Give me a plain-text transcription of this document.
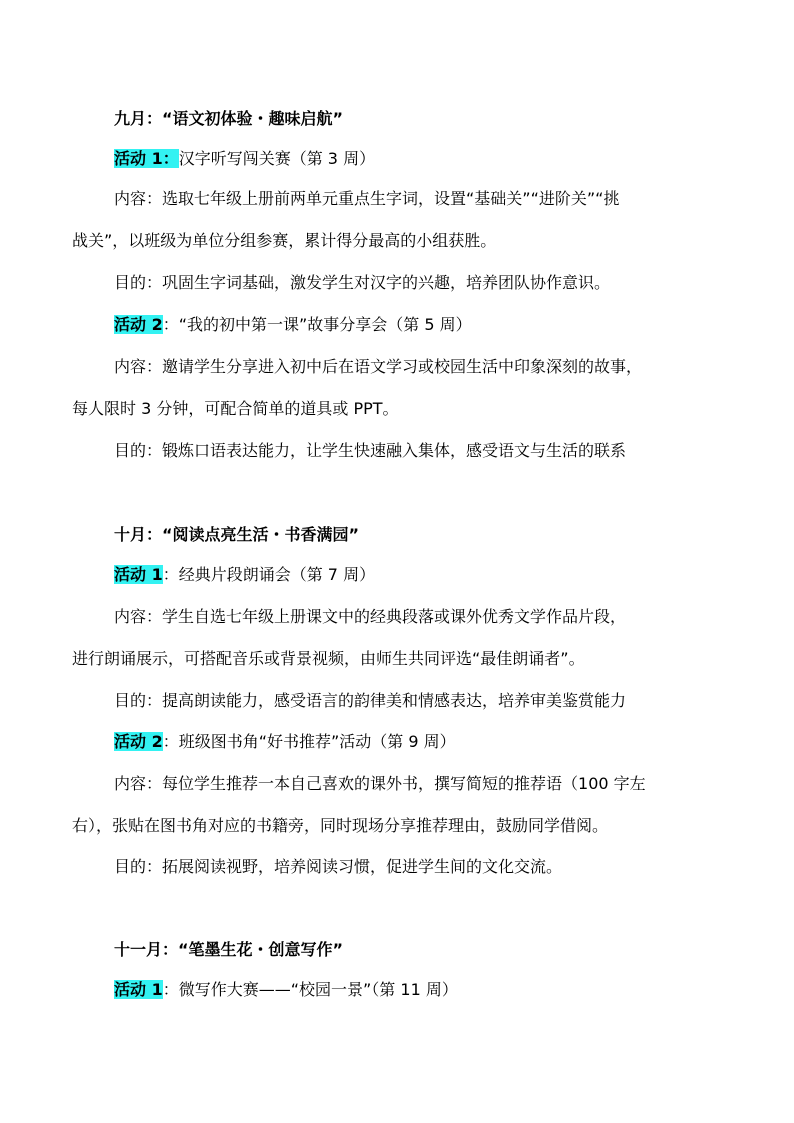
九月：“语文初体验・趣味启航”
活动 1：汉字听写闯关赛（第 3 周）
内容：选取七年级上册前两单元重点生字词，设置“基础关”“进阶关”“挑
战关”，以班级为单位分组参赛，累计得分最高的小组获胜。
目的：巩固生字词基础，激发学生对汉字的兴趣，培养团队协作意识。
活动 2：“我的初中第一课”故事分享会（第 5 周）
内容：邀请学生分享进入初中后在语文学习或校园生活中印象深刻的故事，
每人限时 3 分钟，可配合简单的道具或 PPT。
目的：锻炼口语表达能力，让学生快速融入集体，感受语文与生活的联系
十月：“阅读点亮生活・书香满园”
活动 1：经典片段朗诵会（第 7 周）
内容：学生自选七年级上册课文中的经典段落或课外优秀文学作品片段，
进行朗诵展示，可搭配音乐或背景视频，由师生共同评选“最佳朗诵者”。
目的：提高朗读能力，感受语言的韵律美和情感表达，培养审美鉴赏能力
活动 2：班级图书角“好书推荐”活动（第 9 周）
内容：每位学生推荐一本自己喜欢的课外书，撰写简短的推荐语（100 字左
右），张贴在图书角对应的书籍旁，同时现场分享推荐理由，鼓励同学借阅。
目的：拓展阅读视野，培养阅读习惯，促进学生间的文化交流。
十一月：“笔墨生花・创意写作”
活动 1：微写作大赛——“校园一景”（第 11 周）
